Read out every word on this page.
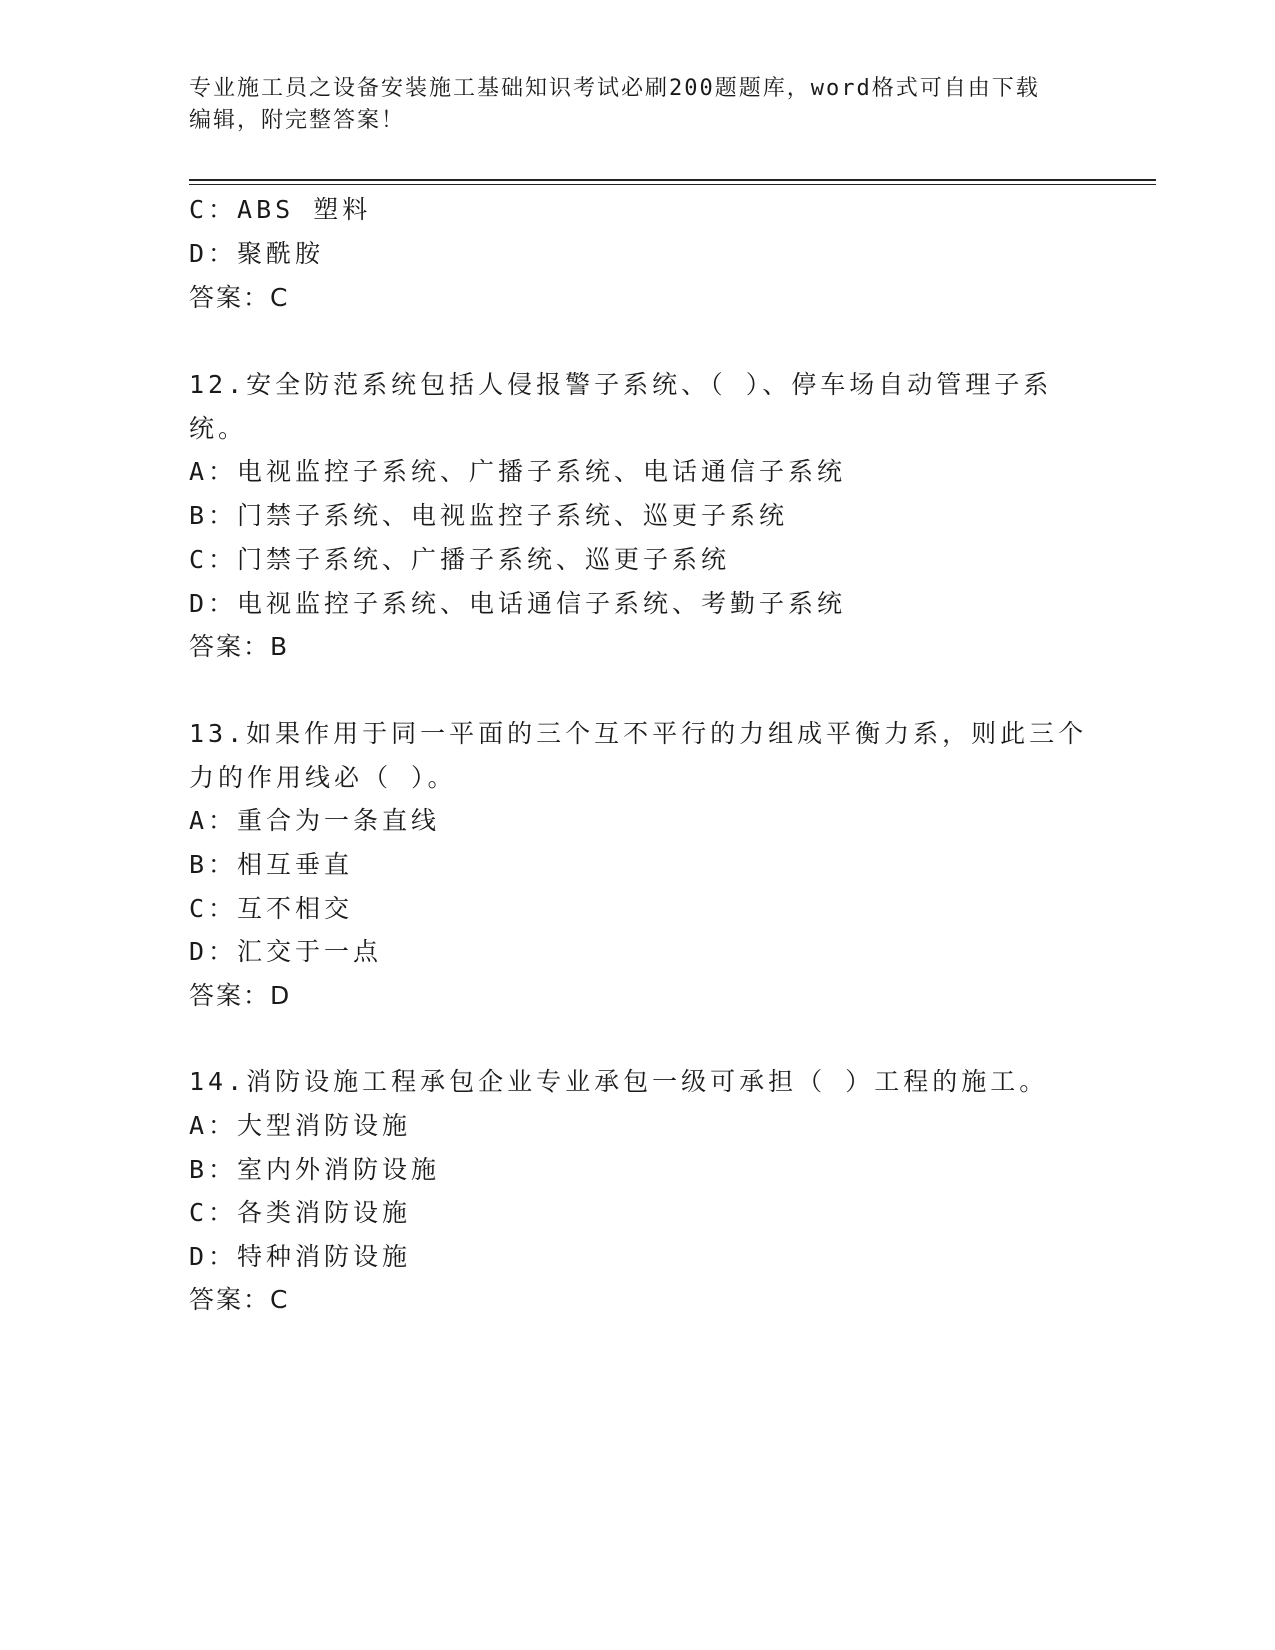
专业施工员之设备安装施工基础知识考试必刷200题题库，word格式可自由下载
编辑，附完整答案！
C：ABS 塑料
D：聚酰胺
答案：C
12.安全防范系统包括人侵报警子系统、（ ）、停车场自动管理子系
统。
A：电视监控子系统、广播子系统、电话通信子系统
B：门禁子系统、电视监控子系统、巡更子系统
C：门禁子系统、广播子系统、巡更子系统
D：电视监控子系统、电话通信子系统、考勤子系统
答案：B
13.如果作用于同一平面的三个互不平行的力组成平衡力系，则此三个
力的作用线必（ ）。
A：重合为一条直线
B：相互垂直
C：互不相交
D：汇交于一点
答案：D
14.消防设施工程承包企业专业承包一级可承担（ ）工程的施工。
A：大型消防设施
B：室内外消防设施
C：各类消防设施
D：特种消防设施
答案：C
